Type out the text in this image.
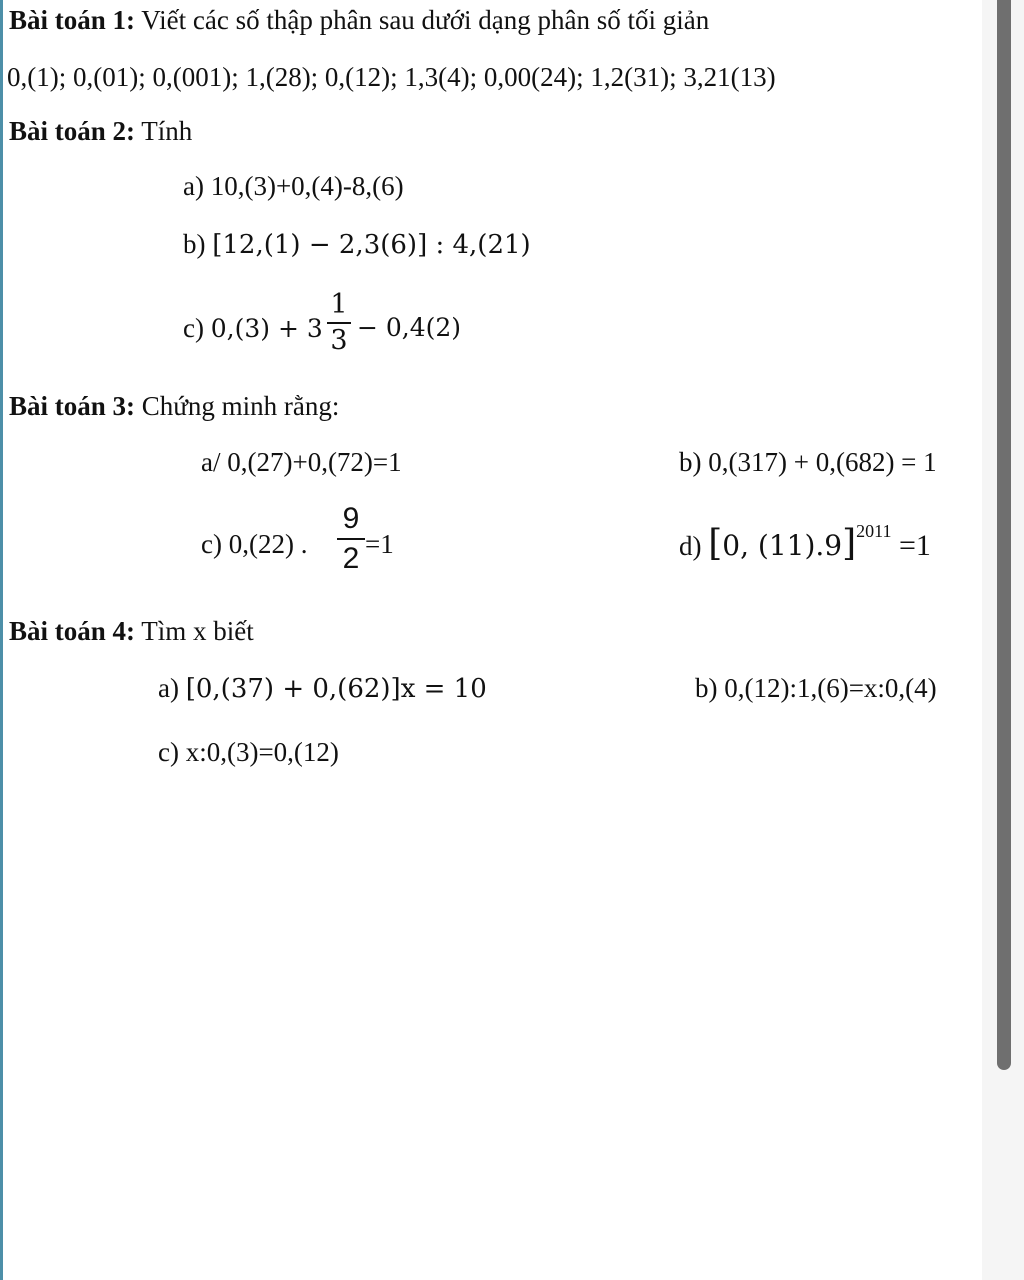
Bài toán 1: Viết các số thập phân sau dưới dạng phân số tối giản
0,(1); 0,(01); 0,(001); 1,(28); 0,(12); 1,3(4); 0,00(24); 1,2(31); 3,21(13)
Bài toán 2: Tính
a) 10,(3)+0,(4)-8,(6)
b) [12,(1) − 2,3(6)] : 4,(21)
c) 0,(3) + 3
1
3 − 0,4(2)
Bài toán 3: Chứng minh rằng:
a/ 0,(27)+0,(72)=1	b) 0,(317) + 0,(682) = 1
c) 0,(22) .
9
2 =1	d) [0, (11).9]$^{2011}$ =1
Bài toán 4: Tìm x biết
a) [0,(37) + 0,(62)]x = 10	b) 0,(12):1,(6)=x:0,(4)
c) x:0,(3)=0,(12)
